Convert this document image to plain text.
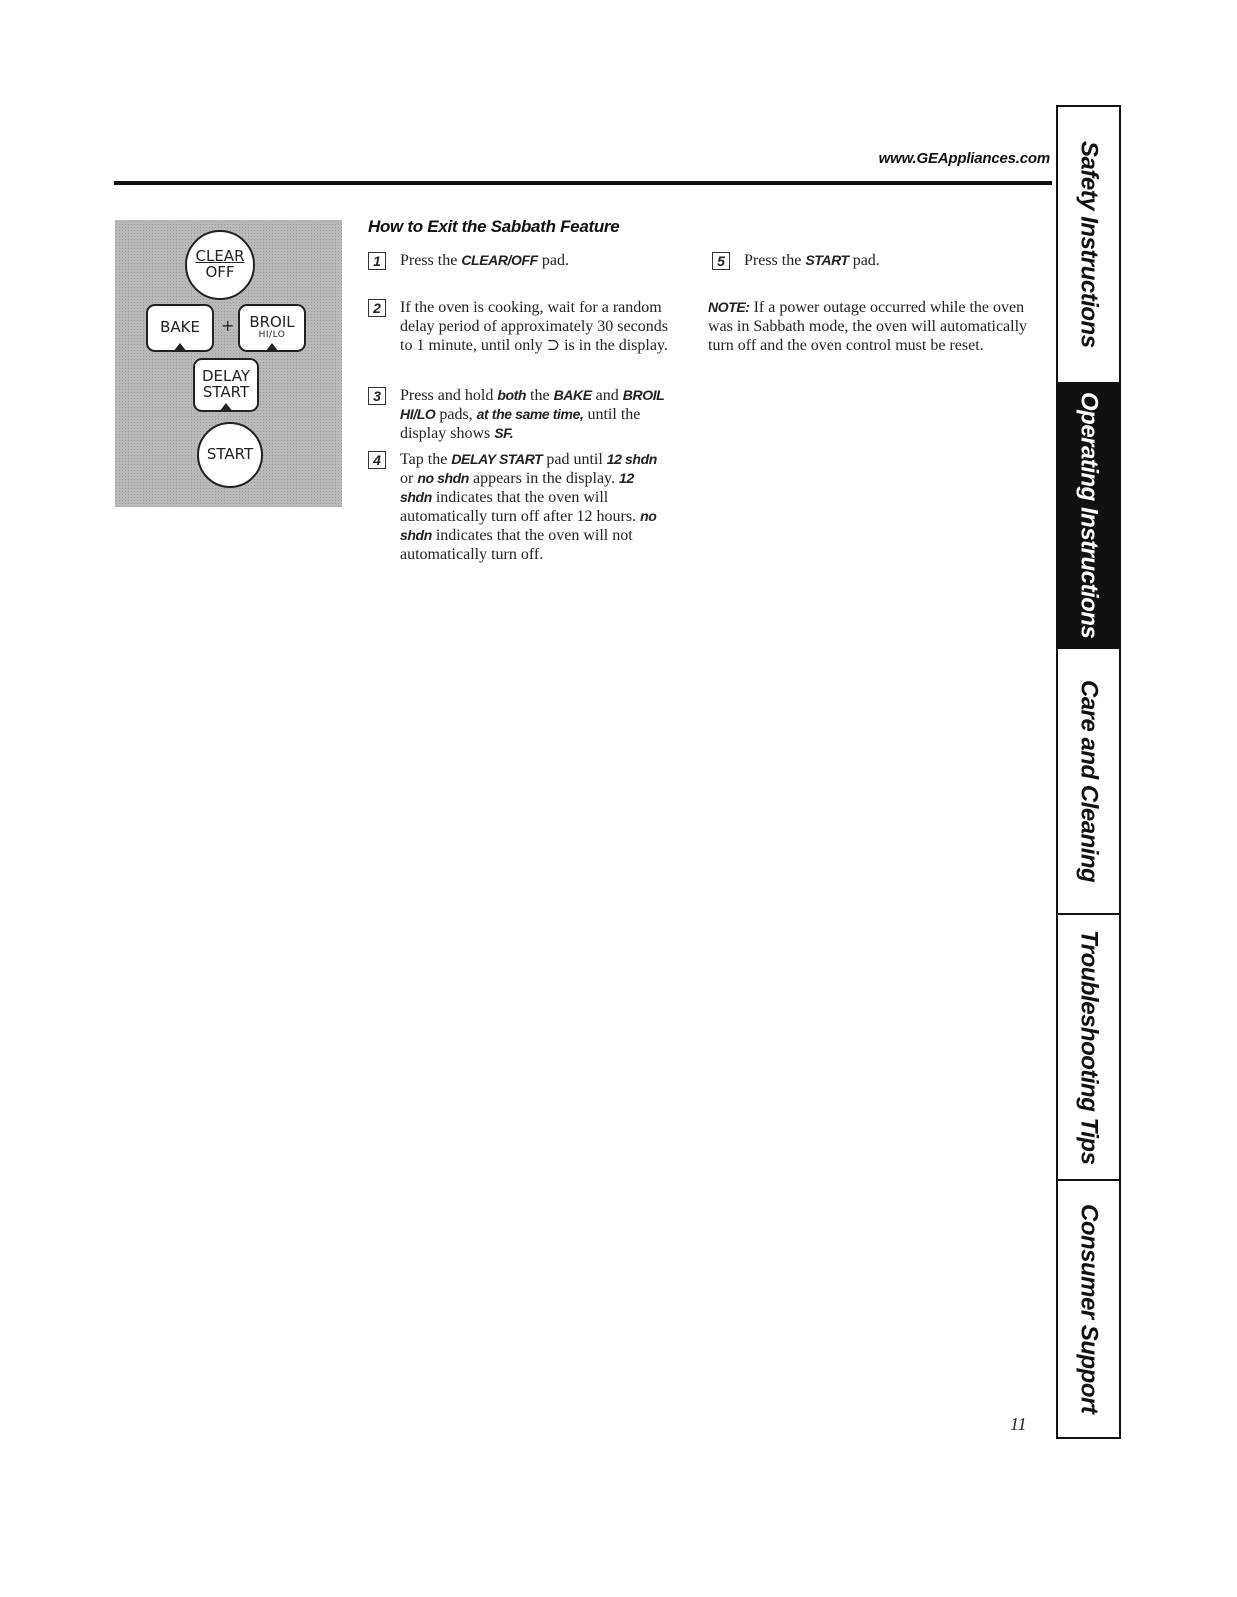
www.GEAppliances.com
CLEAR
OFF
BAKE + BROIL
HI/LO
DELAY
START
START
How to Exit the Sabbath Feature
1	Press the CLEAR/OFF pad.
2	If the oven is cooking, wait for a random delay period of approximately 30 seconds to 1 minute, until only ⊃ is in the display.
3	Press and hold both the BAKE and BROIL HI/LO pads, at the same time, until the display shows SF.
4	Tap the DELAY START pad until 12 shdn or no shdn appears in the display. 12 shdn indicates that the oven will automatically turn off after 12 hours. no shdn indicates that the oven will not automatically turn off.
5	Press the START pad.
NOTE: If a power outage occurred while the oven was in Sabbath mode, the oven will automatically turn off and the oven control must be reset.
11
Safety Instructions
Operating Instructions
Care and Cleaning
Troubleshooting Tips
Consumer Support
